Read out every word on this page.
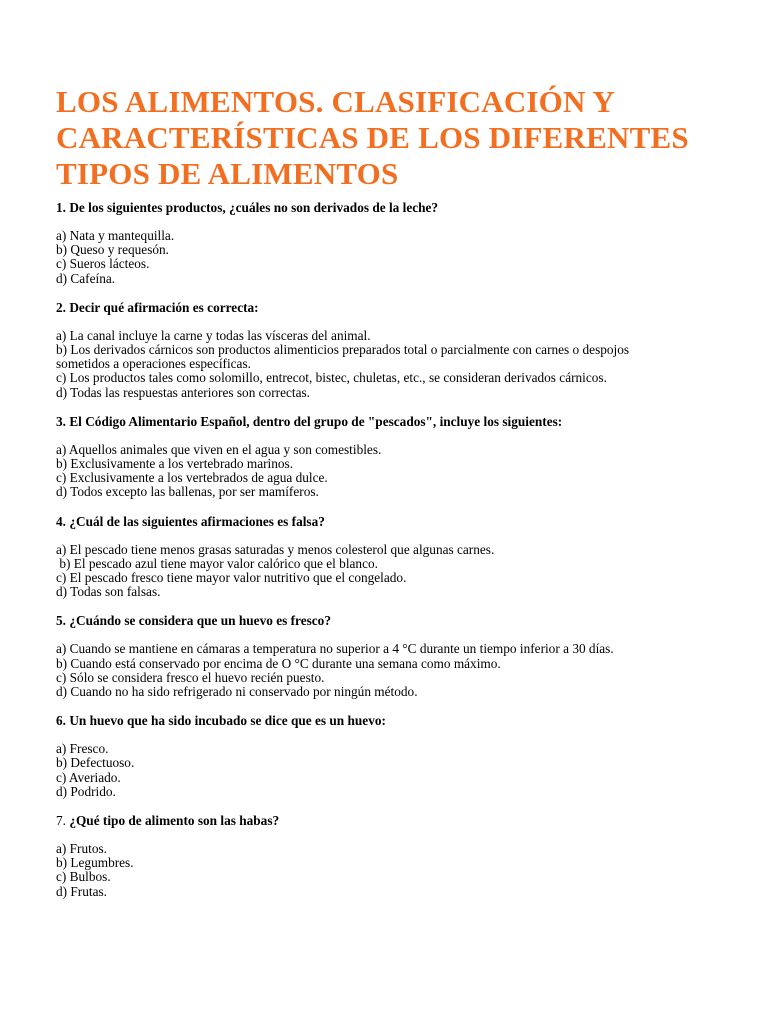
LOS ALIMENTOS. CLASIFICACIÓN Y
CARACTERÍSTICAS DE LOS DIFERENTES
TIPOS DE ALIMENTOS

1. De los siguientes productos, ¿cuáles no son derivados de la leche?

a) Nata y mantequilla.
b) Queso y requesón.
c) Sueros lácteos.
d) Cafeína.

2. Decir qué afirmación es correcta:

a) La canal incluye la carne y todas las vísceras del animal.
b) Los derivados cárnicos son productos alimenticios preparados total o parcialmente con carnes o despojos
sometidos a operaciones específicas.
c) Los productos tales como solomillo, entrecot, bistec, chuletas, etc., se consideran derivados cárnicos.
d) Todas las respuestas anteriores son correctas.

3. El Código Alimentario Español, dentro del grupo de "pescados", incluye los siguientes:

a) Aquellos animales que viven en el agua y son comestibles.
b) Exclusivamente a los vertebrado marinos.
c) Exclusivamente a los vertebrados de agua dulce.
d) Todos excepto las ballenas, por ser mamíferos.

4. ¿Cuál de las siguientes afirmaciones es falsa?

a) El pescado tiene menos grasas saturadas y menos colesterol que algunas carnes.
b) El pescado azul tiene mayor valor calórico que el blanco.
c) El pescado fresco tiene mayor valor nutritivo que el congelado.
d) Todas son falsas.

5. ¿Cuándo se considera que un huevo es fresco?

a) Cuando se mantiene en cámaras a temperatura no superior a 4 °C durante un tiempo inferior a 30 días.
b) Cuando está conservado por encima de O °C durante una semana como máximo.
c) Sólo se considera fresco el huevo recién puesto.
d) Cuando no ha sido refrigerado ni conservado por ningún método.

6. Un huevo que ha sido incubado se dice que es un huevo:

a) Fresco.
b) Defectuoso.
c) Averiado.
d) Podrido.

7. ¿Qué tipo de alimento son las habas?

a) Frutos.
b) Legumbres.
c) Bulbos.
d) Frutas.
